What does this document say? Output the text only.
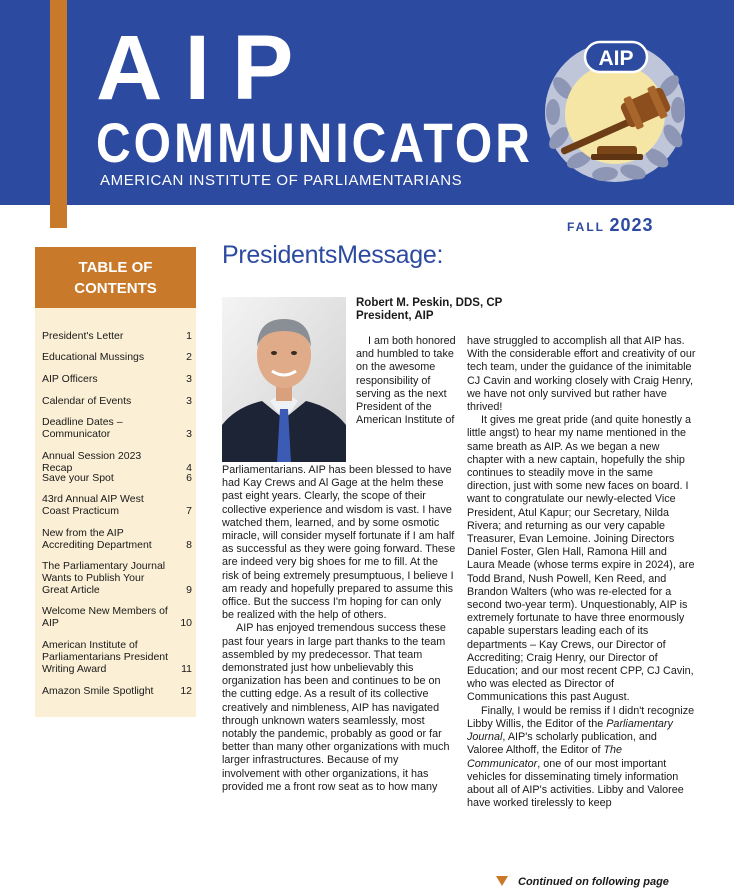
AIP
COMMUNICATOR
AMERICAN INSTITUTE OF PARLIAMENTARIANS
AIP
FALL 2023
TABLE OF
CONTENTS
President's Letter	1
Educational Mussings	2
AIP Officers	3
Calendar of Events	3
Deadline Dates – Communicator	3
Annual Session 2023 Recap	4
Save your Spot	6
43rd Annual AIP West Coast Practicum	7
New from the AIP Accrediting Department	8
The Parliamentary Journal Wants to Publish Your Great Article	9
Welcome New Members of AIP	10
American Institute of Parliamentarians President Writing Award	11
Amazon Smile Spotlight	12
PresidentsMessage:
Robert M. Peskin, DDS, CP
President, AIP
I am both honored and humbled to take on the awesome responsibility of serving as the next President of the American Institute of

Parliamentarians. AIP has been blessed to have had Kay Crews and Al Gage at the helm these past eight years. Clearly, the scope of their collective experience and wisdom is vast. I have watched them, learned, and by some osmotic miracle, will consider myself fortunate if I am half as successful as they were going forward. These are indeed very big shoes for me to fill. At the risk of being extremely presumptuous, I believe I am ready and hopefully prepared to assume this office. But the success I'm hoping for can only be realized with the help of others.

AIP has enjoyed tremendous success these past four years in large part thanks to the team assembled by my predecessor. That team demonstrated just how unbelievably this organization has been and continues to be on the cutting edge. As a result of its collective creatively and nimbleness, AIP has navigated through unknown waters seamlessly, most notably the pandemic, probably as good or far better than many other organizations with much larger infrastructures. Because of my involvement with other organizations, it has provided me a front row seat as to how many

have struggled to accomplish all that AIP has. With the considerable effort and creativity of our tech team, under the guidance of the inimitable CJ Cavin and working closely with Craig Henry, we have not only survived but rather have thrived!

It gives me great pride (and quite honestly a little angst) to hear my name mentioned in the same breath as AIP. As we began a new chapter with a new captain, hopefully the ship continues to steadily move in the same direction, just with some new faces on board. I want to congratulate our newly-elected Vice President, Atul Kapur; our Secretary, Nilda Rivera; and returning as our very capable Treasurer, Evan Lemoine. Joining Directors Daniel Foster, Glen Hall, Ramona Hill and Laura Meade (whose terms expire in 2024), are Todd Brand, Nush Powell, Ken Reed, and Brandon Walters (who was re-elected for a second two-year term). Unquestionably, AIP is extremely fortunate to have three enormously capable superstars leading each of its departments – Kay Crews, our Director of Accrediting; Craig Henry, our Director of Education; and our most recent CPP, CJ Cavin, who was elected as Director of Communications this past August.

Finally, I would be remiss if I didn't recognize Libby Willis, the Editor of the Parliamentary Journal, AIP's scholarly publication, and Valoree Althoff, the Editor of The Communicator, one of our most important vehicles for disseminating timely information about all of AIP's activities. Libby and Valoree have worked tirelessly to keep

Continued on following page
